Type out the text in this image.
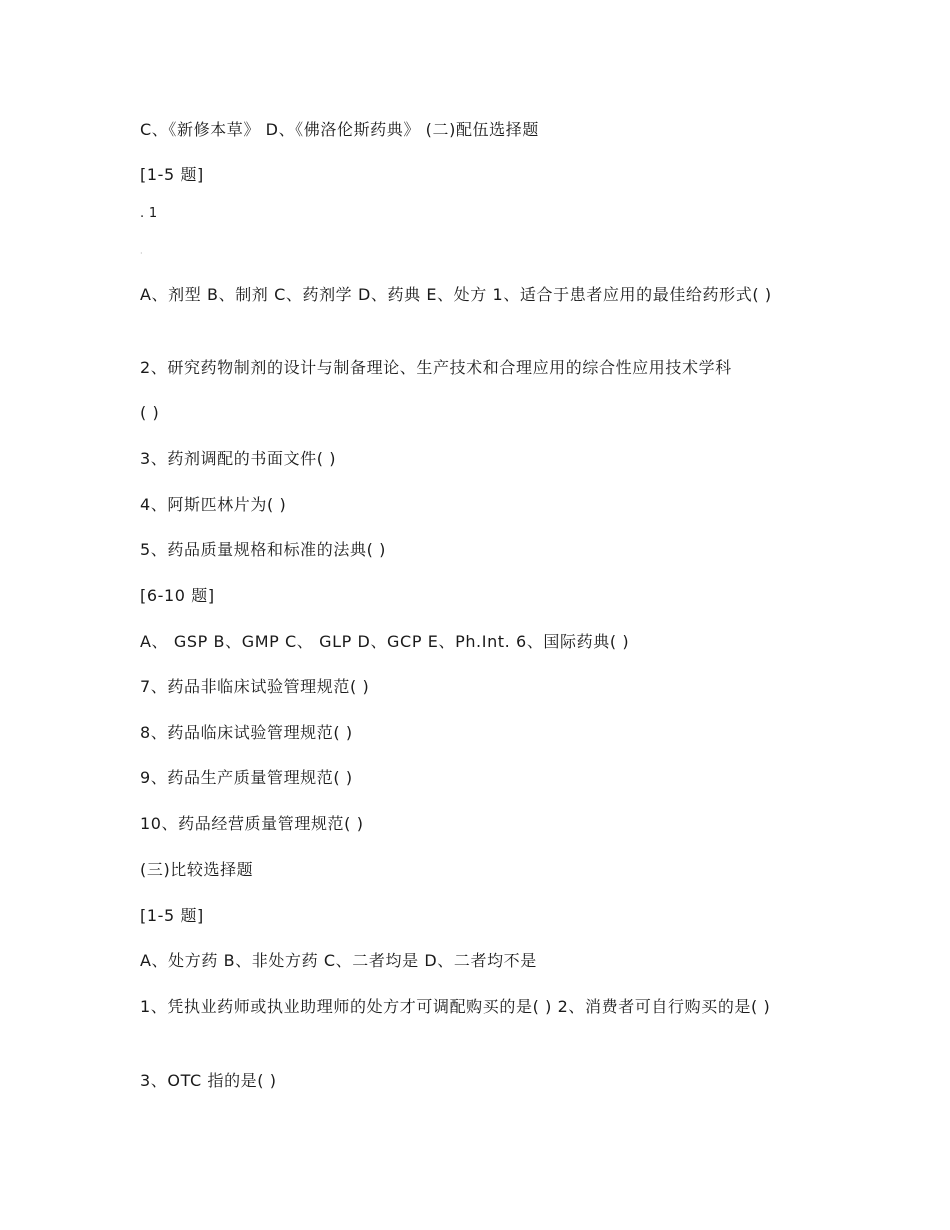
C、《新修本草》 D、《佛洛伦斯药典》 (二)配伍选择题
[1-5 题]
. 1
·
A、剂型 B、制剂 C、药剂学 D、药典 E、处方 1、适合于患者应用的最佳给药形式( )
2、研究药物制剂的设计与制备理论、生产技术和合理应用的综合性应用技术学科
( )
3、药剂调配的书面文件( )
4、阿斯匹林片为( )
5、药品质量规格和标准的法典( )
[6-10 题]
A、 GSP B、GMP C、 GLP D、GCP E、Ph.Int. 6、国际药典( )
7、药品非临床试验管理规范( )
8、药品临床试验管理规范( )
9、药品生产质量管理规范( )
10、药品经营质量管理规范( )
(三)比较选择题
[1-5 题]
A、处方药 B、非处方药 C、二者均是 D、二者均不是
1、凭执业药师或执业助理师的处方才可调配购买的是( ) 2、消费者可自行购买的是( )
3、OTC 指的是( )
